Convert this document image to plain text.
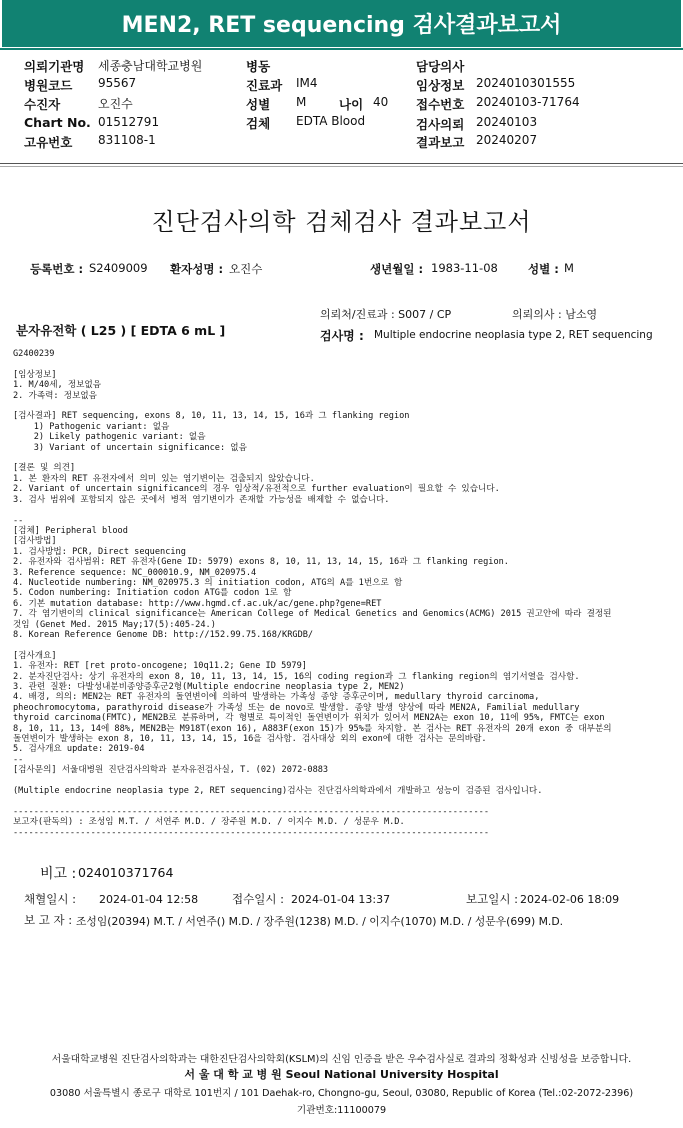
MEN2, RET sequencing 검사결과보고서
의뢰기관명 세종충남대학교병원
병원코드 95567
수진자	오진수
Chart No. 01512791
고유번호 831108-1
병동
진료과 IM4
성별 M	나이 40
검체 EDTA Blood
담당의사
임상정보 2024010301555
접수번호 20240103-71764
검사의뢰 20240103
결과보고 20240207
진단검사의학 검체검사 결과보고서
등록번호 : S2409009 환자성명 : 오진수	생년월일 : 1983-11-08	성별 : M
의뢰처/진료과 : S007 / CP	의뢰의사 : 남소영
분자유전학 ( L25 ) [ EDTA 6 mL ]	검사명 : Multiple endocrine neoplasia type 2, RET sequencing
G2400239

[임상정보]
1. M/40세, 정보없음
2. 가족력: 정보없음

[검사결과] RET sequencing, exons 8, 10, 11, 13, 14, 15, 16과 그 flanking region
1) Pathogenic variant: 없음
2) Likely pathogenic variant: 없음
3) Variant of uncertain significance: 없음

[결론 및 의견]
1. 본 환자의 RET 유전자에서 의미 있는 염기변이는 검출되지 않았습니다.
2. Variant of uncertain significance의 경우 임상적/유전적으로 further evaluation이 필요할 수 있습니다.
3. 검사 범위에 포함되지 않은 곳에서 병적 염기변이가 존재할 가능성을 배제할 수 없습니다.

--
[검체] Peripheral blood
[검사방법]
1. 검사방법: PCR, Direct sequencing
2. 유전자와 검사범위: RET 유전자(Gene ID: 5979) exons 8, 10, 11, 13, 14, 15, 16과 그 flanking region.
3. Reference sequence: NC_000010.9, NM_020975.4
4. Nucleotide numbering: NM_020975.3 의 initiation codon, ATG의 A를 1번으로 함
5. Codon numbering: Initiation codon ATG를 codon 1로 함
6. 기본 mutation database: http://www.hgmd.cf.ac.uk/ac/gene.php?gene=RET
7. 각 염기변이의 clinical significance는 American College of Medical Genetics and Genomics(ACMG) 2015 권고안에 따라 결정된
것임 (Genet Med. 2015 May;17(5):405-24.)
8. Korean Reference Genome DB: http://152.99.75.168/KRGDB/

[검사개요]
1. 유전자: RET [ret proto-oncogene; 10q11.2; Gene ID 5979]
2. 분자진단검사: 상기 유전자의 exon 8, 10, 11, 13, 14, 15, 16의 coding region과 그 flanking region의 염기서열을 검사함.
3. 관련 질환: 다발성내분비종양증후군2형(Multiple endocrine neoplasia type 2, MEN2)
4. 배경, 의의: MEN2는 RET 유전자의 돌연변이에 의하여 발생하는 가족성 종양 증후군이며, medullary thyroid carcinoma,
pheochromocytoma, parathyroid disease가 가족성 또는 de novo로 발생함. 종양 발생 양상에 따라 MEN2A, Familial medullary
thyroid carcinoma(FMTC), MEN2B로 분류하며, 각 형별로 특이적인 돌연변이가 위치가 있어서 MEN2A는 exon 10, 11에 95%, FMTC는 exon
8, 10, 11, 13, 14에 88%, MEN2B는 M918T(exon 16), A883F(exon 15)가 95%를 차지함. 본 검사는 RET 유전자의 20개 exon 중 대부분의
돌연변이가 발생하는 exon 8, 10, 11, 13, 14, 15, 16을 검사함. 검사대상 외의 exon에 대한 검사는 문의바람.
5. 검사개요 update: 2019-04
--
[검사문의] 서울대병원 진단검사의학과 분자유전검사실, T. (02) 2072-0883

(Multiple endocrine neoplasia type 2, RET sequencing)검사는 진단검사의학과에서 개발하고 성능이 검증된 검사입니다.

--------------------------------------------------------------------------------------------
보고자(판독의) : 조성임 M.T. / 서연주 M.D. / 장주원 M.D. / 이지수 M.D. / 성문우 M.D.
--------------------------------------------------------------------------------------------
비고 : 024010371764
채혈일시 : 2024-01-04 12:58	접수일시 : 2024-01-04 13:37	보고일시 : 2024-02-06 18:09
보 고 자 : 조성임(20394) M.T. / 서연주() M.D. / 장주원(1238) M.D. / 이지수(1070) M.D. / 성문우(699) M.D.
서울대학교병원 진단검사의학과는 대한진단검사의학회(KSLM)의 신임 인증을 받은 우수검사실로 결과의 정확성과 신빙성을 보증합니다.
서 울 대 학 교 병 원 Seoul National University Hospital
03080 서울특별시 종로구 대학로 101번지 / 101 Daehak-ro, Chongno-gu, Seoul, 03080, Republic of Korea (Tel.:02-2072-2396)
기관번호:11100079
